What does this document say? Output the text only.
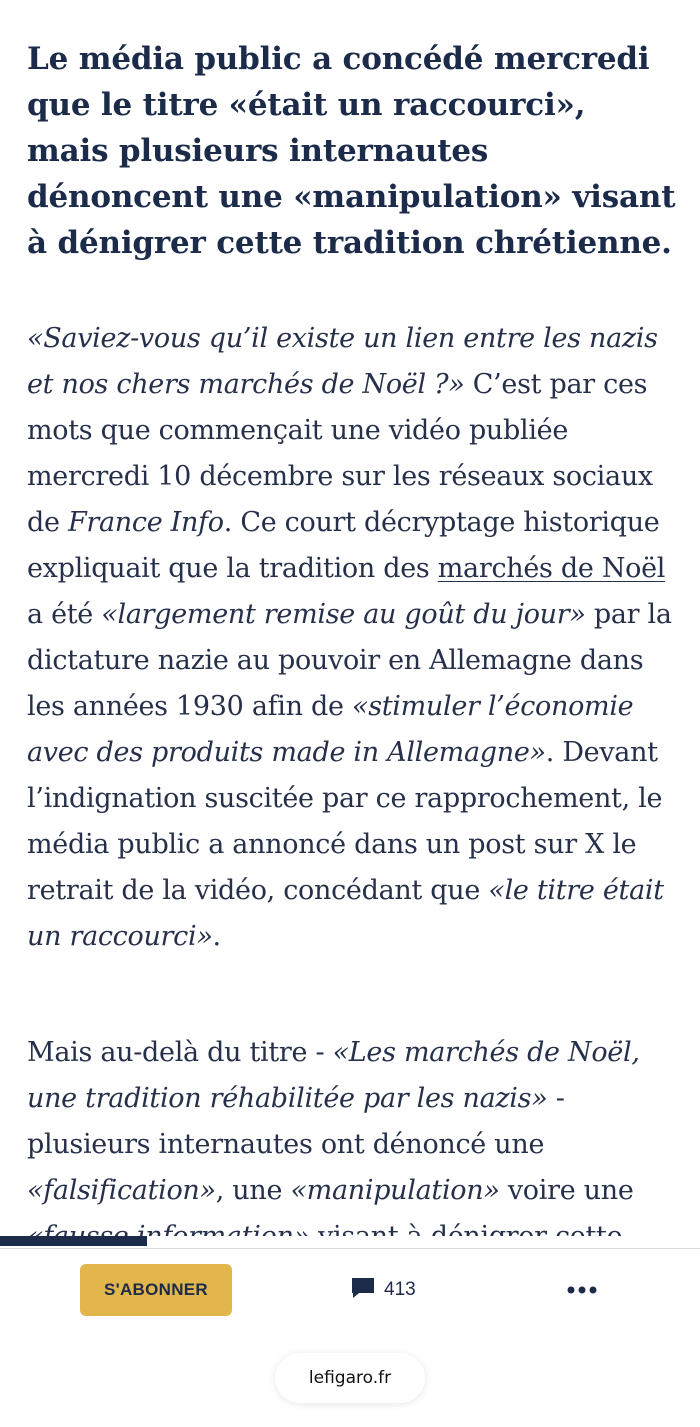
Le média public a concédé mercredi que le titre «était un raccourci», mais plusieurs internautes dénoncent une «manipulation» visant à dénigrer cette tradition chrétienne.

«Saviez-vous qu’il existe un lien entre les nazis et nos chers marchés de Noël ?» C’est par ces mots que commençait une vidéo publiée mercredi 10 décembre sur les réseaux sociaux de France Info. Ce court décryptage historique expliquait que la tradition des marchés de Noël a été «largement remise au goût du jour» par la dictature nazie au pouvoir en Allemagne dans les années 1930 afin de «stimuler l’économie avec des produits made in Allemagne». Devant l’indignation suscitée par ce rapprochement, le média public a annoncé dans un post sur X le retrait de la vidéo, concédant que «le titre était un raccourci».

Mais au-delà du titre - «Les marchés de Noël, une tradition réhabilitée par les nazis» - plusieurs internautes ont dénoncé une «falsification», une «manipulation» voire une

S'ABONNER	413
lefigaro.fr
